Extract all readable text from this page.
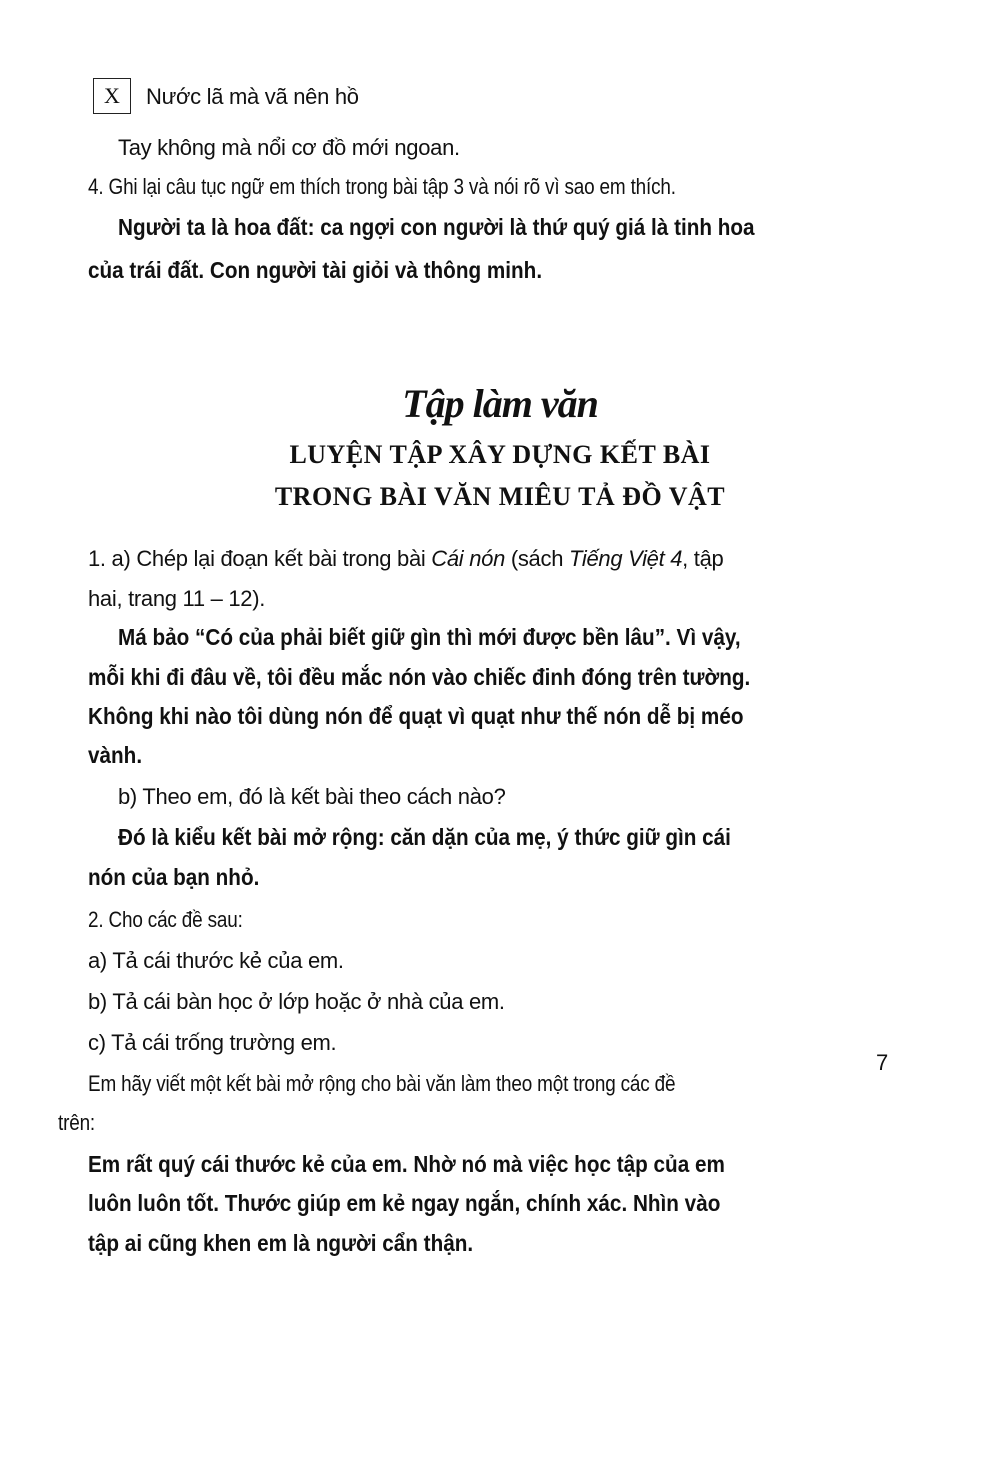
X Nước lã mà vã nên hồ
Tay không mà nổi cơ đồ mới ngoan.
4. Ghi lại câu tục ngữ em thích trong bài tập 3 và nói rõ vì sao em thích.
Người ta là hoa đất: ca ngợi con người là thứ quý giá là tinh hoa
của trái đất. Con người tài giỏi và thông minh.
Tập làm văn
LUYỆN TẬP XÂY DỰNG KẾT BÀI
TRONG BÀI VĂN MIÊU TẢ ĐỒ VẬT
1. a) Chép lại đoạn kết bài trong bài Cái nón (sách Tiếng Việt 4, tập
hai, trang 11 – 12).
Má bảo “Có của phải biết giữ gìn thì mới được bền lâu”. Vì vậy,
mỗi khi đi đâu về, tôi đều mắc nón vào chiếc đinh đóng trên tường.
Không khi nào tôi dùng nón để quạt vì quạt như thế nón dễ bị méo
vành.
b) Theo em, đó là kết bài theo cách nào?
Đó là kiểu kết bài mở rộng: căn dặn của mẹ, ý thức giữ gìn cái
nón của bạn nhỏ.
2. Cho các đề sau:
a) Tả cái thước kẻ của em.
b) Tả cái bàn học ở lớp hoặc ở nhà của em.
c) Tả cái trống trường em.
Em hãy viết một kết bài mở rộng cho bài văn làm theo một trong các đề
trên:
Em rất quý cái thước kẻ của em. Nhờ nó mà việc học tập của em
luôn luôn tốt. Thước giúp em kẻ ngay ngắn, chính xác. Nhìn vào
tập ai cũng khen em là người cẩn thận.
7
